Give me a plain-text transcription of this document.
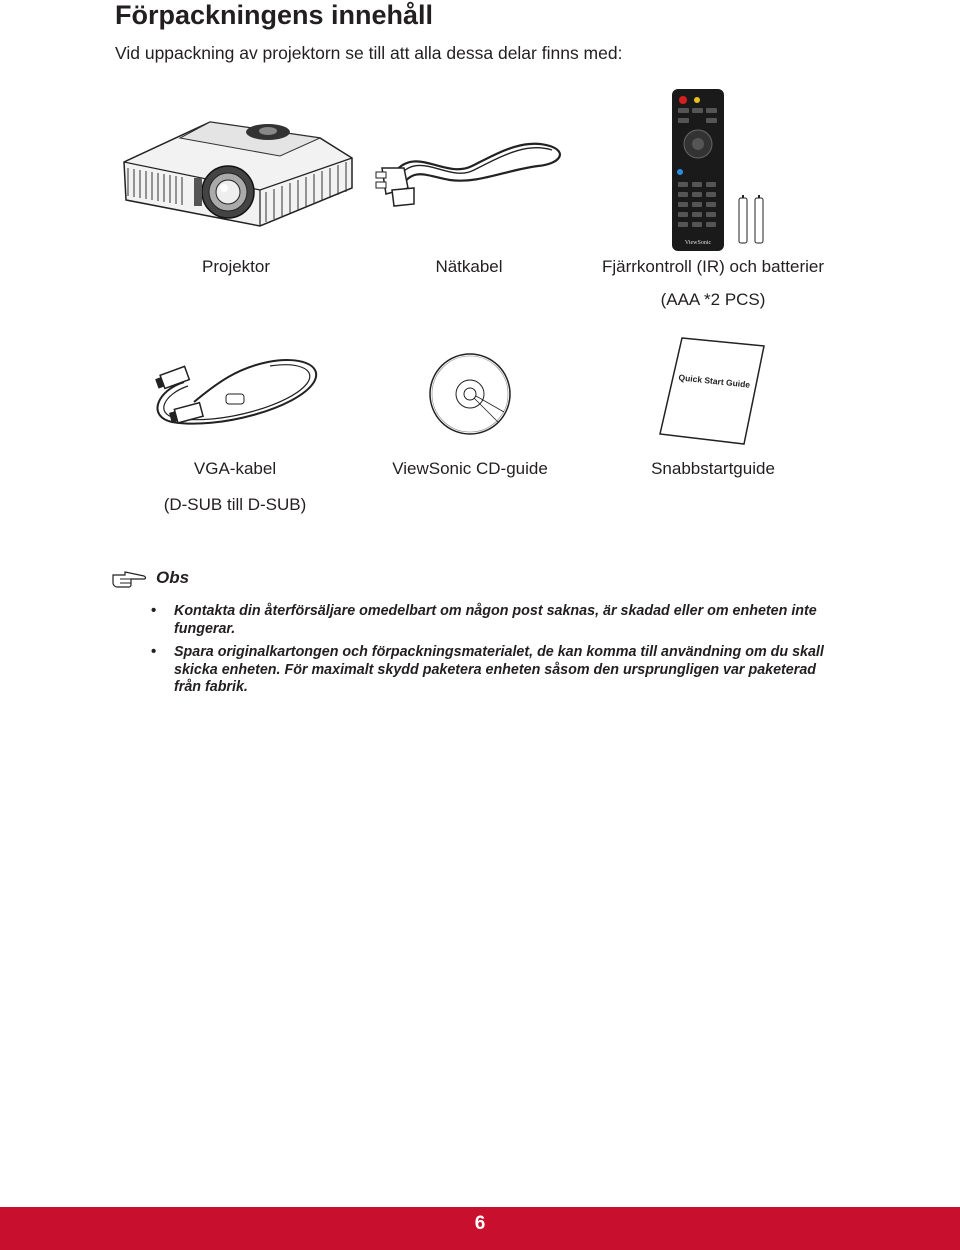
Förpackningens innehåll

Vid uppackning av projektorn se till att alla dessa delar finns med:

ViewSonic
Quick Start Guide
Projektor	Nätkabel	Fjärrkontroll (IR) och batterier
(AAA *2 PCS)
VGA-kabel
(D-SUB till D-SUB)
ViewSonic CD-guide	Snabbstartguide
Obs
• Kontakta din återförsäljare omedelbart om någon post saknas, är skadad eller om enheten inte fungerar.
• Spara originalkartongen och förpackningsmaterialet, de kan komma till användning om du skall skicka enheten. För maximalt skydd paketera enheten såsom den ursprungligen var paketerad från fabrik.
6
